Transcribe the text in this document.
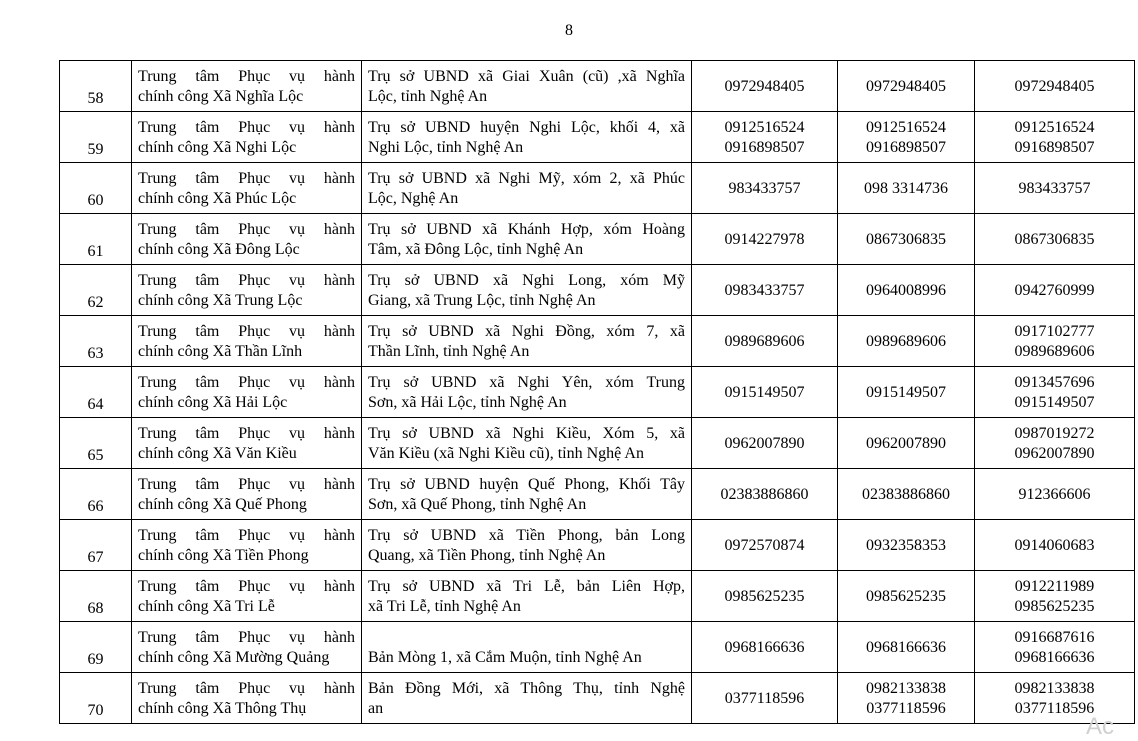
8
58	Trung tâm Phục vụ hành
chính công Xã Nghĩa Lộc	Trụ sở UBND xã Giai Xuân (cũ) ,xã Nghĩa
Lộc, tỉnh Nghệ An	0972948405	0972948405	0972948405

59	Trung tâm Phục vụ hành
chính công Xã Nghi Lộc	Trụ sở UBND huyện Nghi Lộc, khối 4, xã
Nghi Lộc, tỉnh Nghệ An	0912516524
0916898507	0912516524
0916898507	0912516524
0916898507

60	Trung tâm Phục vụ hành
chính công Xã Phúc Lộc	Trụ sở UBND xã Nghi Mỹ, xóm 2, xã Phúc
Lộc, Nghệ An	983433757	098 3314736	983433757

61	Trung tâm Phục vụ hành
chính công Xã Đông Lộc	Trụ sở UBND xã Khánh Hợp, xóm Hoàng
Tâm, xã Đông Lộc, tỉnh Nghệ An	0914227978	0867306835	0867306835

62	Trung tâm Phục vụ hành
chính công Xã Trung Lộc	Trụ sở UBND xã Nghi Long, xóm Mỹ
Giang, xã Trung Lộc, tỉnh Nghệ An	0983433757	0964008996	0942760999

63	Trung tâm Phục vụ hành
chính công Xã Thần Lĩnh	Trụ sở UBND xã Nghi Đồng, xóm 7, xã
Thần Lĩnh, tỉnh Nghệ An	0989689606	0989689606	0917102777
0989689606

64	Trung tâm Phục vụ hành
chính công Xã Hải Lộc	Trụ sở UBND xã Nghi Yên, xóm Trung
Sơn, xã Hải Lộc, tỉnh Nghệ An	0915149507	0915149507	0913457696
0915149507

65	Trung tâm Phục vụ hành
chính công Xã Văn Kiều	Trụ sở UBND xã Nghi Kiều, Xóm 5, xã
Văn Kiều (xã Nghi Kiều cũ), tỉnh Nghệ An	0962007890	0962007890	0987019272
0962007890

66	Trung tâm Phục vụ hành
chính công Xã Quế Phong	Trụ sở UBND huyện Quế Phong, Khối Tây
Sơn, xã Quế Phong, tỉnh Nghệ An	02383886860	02383886860	912366606

67	Trung tâm Phục vụ hành
chính công Xã Tiền Phong	Trụ sở UBND xã Tiền Phong, bản Long
Quang, xã Tiền Phong, tỉnh Nghệ An	0972570874	0932358353	0914060683

68	Trung tâm Phục vụ hành
chính công Xã Tri Lễ	Trụ sở UBND xã Tri Lễ, bản Liên Hợp,
xã Tri Lễ, tỉnh Nghệ An	0985625235	0985625235	0912211989
0985625235

69	Trung tâm Phục vụ hành
chính công Xã Mường Quảng	Bản Mòng 1, xã Cắm Muộn, tỉnh Nghệ An	0968166636	0968166636	0916687616
0968166636

70	Trung tâm Phục vụ hành
chính công Xã Thông Thụ	Bản Đồng Mới, xã Thông Thụ, tỉnh Nghệ
an	0377118596	0982133838
0377118596	0982133838
0377118596
Ac
